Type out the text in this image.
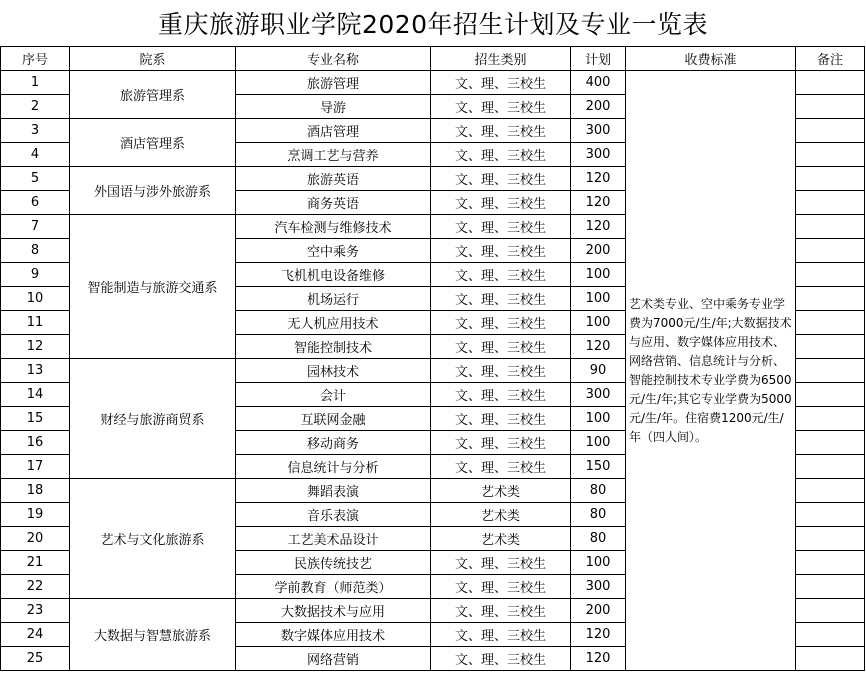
重庆旅游职业学院2020年招生计划及专业一览表
序号	院系	专业名称	招生类别	计划	收费标准	备注
1	旅游管理系	旅游管理	文、理、三校生	400	艺术类专业、空中乘务专业学费为7000元/生/年;大数据技术与应用、数字媒体应用技术、网络营销、信息统计与分析、智能控制技术专业学费为6500元/生/年;其它专业学费为5000元/生/年。住宿费1200元/生/年（四人间）。	
2		导游	文、理、三校生	200		
3	酒店管理系	酒店管理	文、理、三校生	300		
4		烹调工艺与营养	文、理、三校生	300		
5	外国语与涉外旅游系	旅游英语	文、理、三校生	120		
6		商务英语	文、理、三校生	120		
7	智能制造与旅游交通系	汽车检测与维修技术	文、理、三校生	120		
8		空中乘务	文、理、三校生	200		
9		飞机机电设备维修	文、理、三校生	100		
10		机场运行	文、理、三校生	100		
11		无人机应用技术	文、理、三校生	100		
12		智能控制技术	文、理、三校生	120		
13	财经与旅游商贸系	园林技术	文、理、三校生	90		
14		会计	文、理、三校生	300		
15		互联网金融	文、理、三校生	100		
16		移动商务	文、理、三校生	100		
17		信息统计与分析	文、理、三校生	150		
18	艺术与文化旅游系	舞蹈表演	艺术类	80		
19		音乐表演	艺术类	80		
20		工艺美术品设计	艺术类	80		
21		民族传统技艺	文、理、三校生	100		
22		学前教育（师范类）	文、理、三校生	300		
23	大数据与智慧旅游系	大数据技术与应用	文、理、三校生	200		
24		数字媒体应用技术	文、理、三校生	120		
25		网络营销	文、理、三校生	120		
